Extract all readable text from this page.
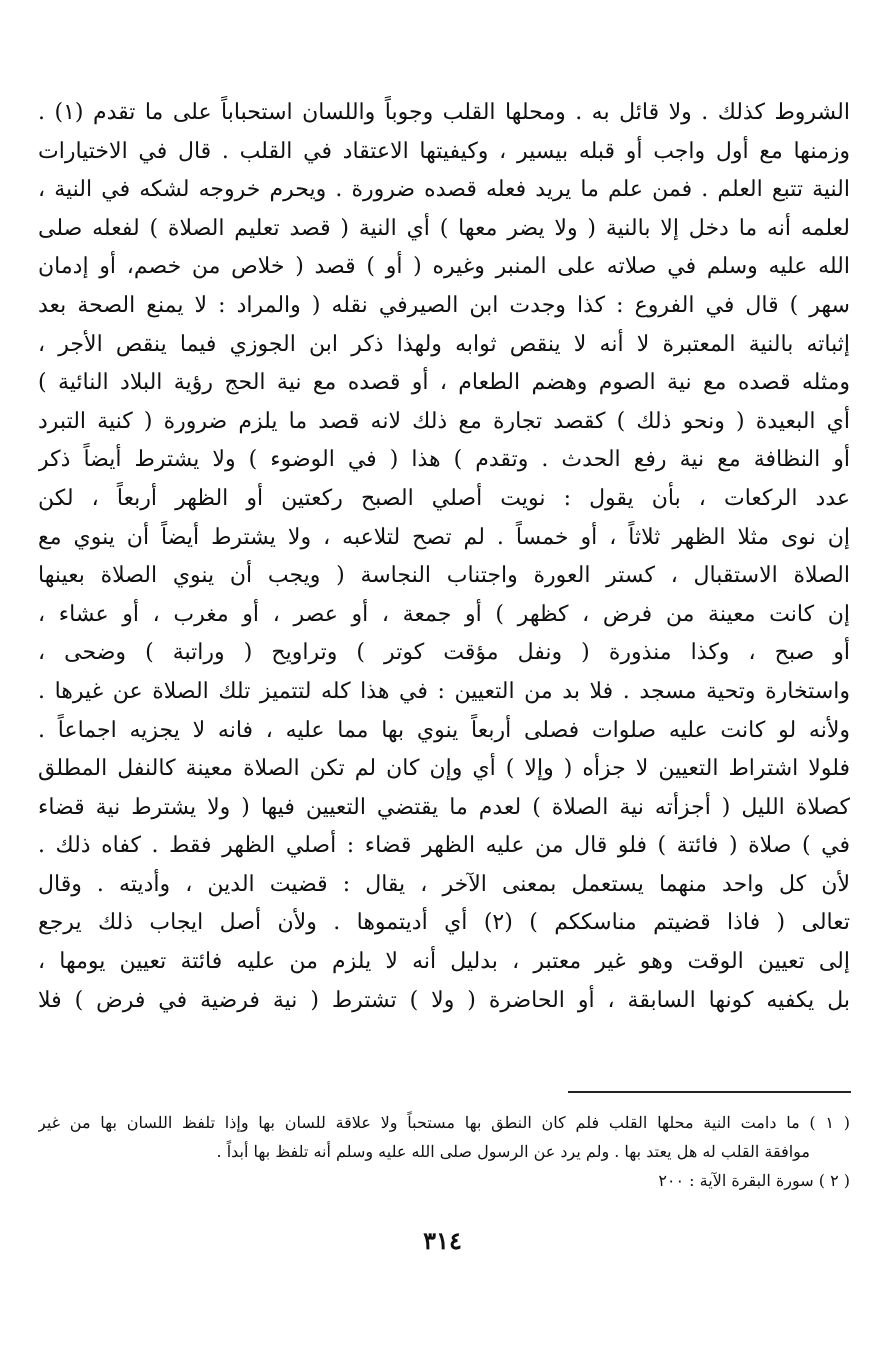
الشروط كذلك . ولا قائل به . ومحلها القلب وجوباً واللسان استحباباً على ما تقدم (١) .
وزمنها مع أول واجب أو قبله بيسير ، وكيفيتها الاعتقاد في القلب . قال في الاختيارات
النية تتبع العلم . فمن علم ما يريد فعله قصده ضرورة . ويحرم خروجه لشكه في النية ،
لعلمه أنه ما دخل إلا بالنية ( ولا يضر معها ) أي النية ( قصد تعليم الصلاة ) لفعله صلى
الله عليه وسلم في صلاته على المنبر وغيره ( أو ) قصد ( خلاص من خصم، أو إدمان
سهر ) قال في الفروع : كذا وجدت ابن الصيرفي نقله ( والمراد : لا يمنع الصحة بعد
إثباته بالنية المعتبرة لا أنه لا ينقص ثوابه ولهذا ذكر ابن الجوزي فيما ينقص الأجر ،
ومثله قصده مع نية الصوم وهضم الطعام ، أو قصده مع نية الحج رؤية البلاد النائية )
أي البعيدة ( ونحو ذلك ) كقصد تجارة مع ذلك لانه قصد ما يلزم ضرورة ( كنية التبرد
أو النظافة مع نية رفع الحدث . وتقدم ) هذا ( في الوضوء ) ولا يشترط أيضاً ذكر
عدد الركعات ، بأن يقول : نويت أصلي الصبح ركعتين أو الظهر أربعاً ، لكن
إن نوى مثلا الظهر ثلاثاً ، أو خمساً . لم تصح لتلاعبه ، ولا يشترط أيضاً أن ينوي مع
الصلاة الاستقبال ، كستر العورة واجتناب النجاسة ( ويجب أن ينوي الصلاة بعينها
إن كانت معينة من فرض ، كظهر ) أو جمعة ، أو عصر ، أو مغرب ، أو عشاء ،
أو صبح ، وكذا منذورة ( ونفل مؤقت كوتر ) وتراويح ( وراتبة ) وضحى ،
واستخارة وتحية مسجد . فلا بد من التعيين : في هذا كله لتتميز تلك الصلاة عن غيرها .
ولأنه لو كانت عليه صلوات فصلى أربعاً ينوي بها مما عليه ، فانه لا يجزيه اجماعاً .
فلولا اشتراط التعيين لا جزأه ( وإلا ) أي وإن كان لم تكن الصلاة معينة كالنفل المطلق
كصلاة الليل ( أجزأته نية الصلاة ) لعدم ما يقتضي التعيين فيها ( ولا يشترط نية قضاء
في ) صلاة ( فائتة ) فلو قال من عليه الظهر قضاء : أصلي الظهر فقط . كفاه ذلك .
لأن كل واحد منهما يستعمل بمعنى الآخر ، يقال : قضيت الدين ، وأديته . وقال
تعالى ( فاذا قضيتم مناسككم ) (٢) أي أديتموها . ولأن أصل ايجاب ذلك يرجع
إلى تعيين الوقت وهو غير معتبر ، بدليل أنه لا يلزم من عليه فائتة تعيين يومها ،
بل يكفيه كونها السابقة ، أو الحاضرة ( ولا ) تشترط ( نية فرضية في فرض ) فلا
( ١ ) ما دامت النية محلها القلب فلم كان النطق بها مستحباً ولا علاقة للسان بها وإذا تلفظ اللسان بها من غير
موافقة القلب له هل يعتد بها . ولم يرد عن الرسول صلى الله عليه وسلم أنه تلفظ بها أبداً .
( ٢ ) سورة البقرة الآية : ٢٠٠
٣١٤
